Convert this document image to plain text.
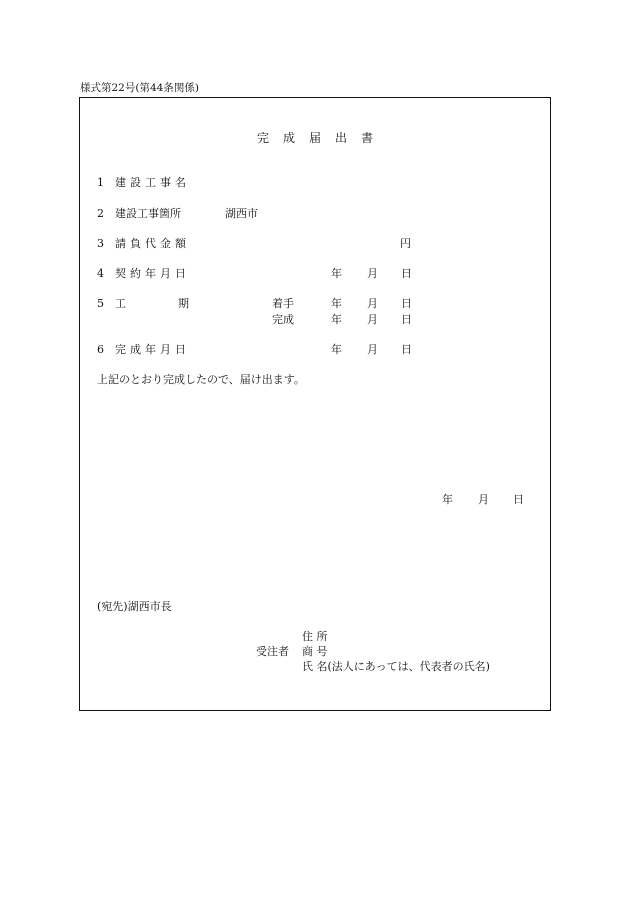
様式第22号(第44条関係)
完成届出書
1 建設工事名
2 建設工事箇所	湖西市
3 請負代金額	円
4 契約年月日	年 月 日
5 工	期	着手	年 月 日
完成	年 月 日
6 完成年月日	年 月 日
上記のとおり完成したので、届け出ます。
年 月 日
(宛先)湖西市長
住 所
受注者 商 号
氏 名(法人にあっては、代表者の氏名)
